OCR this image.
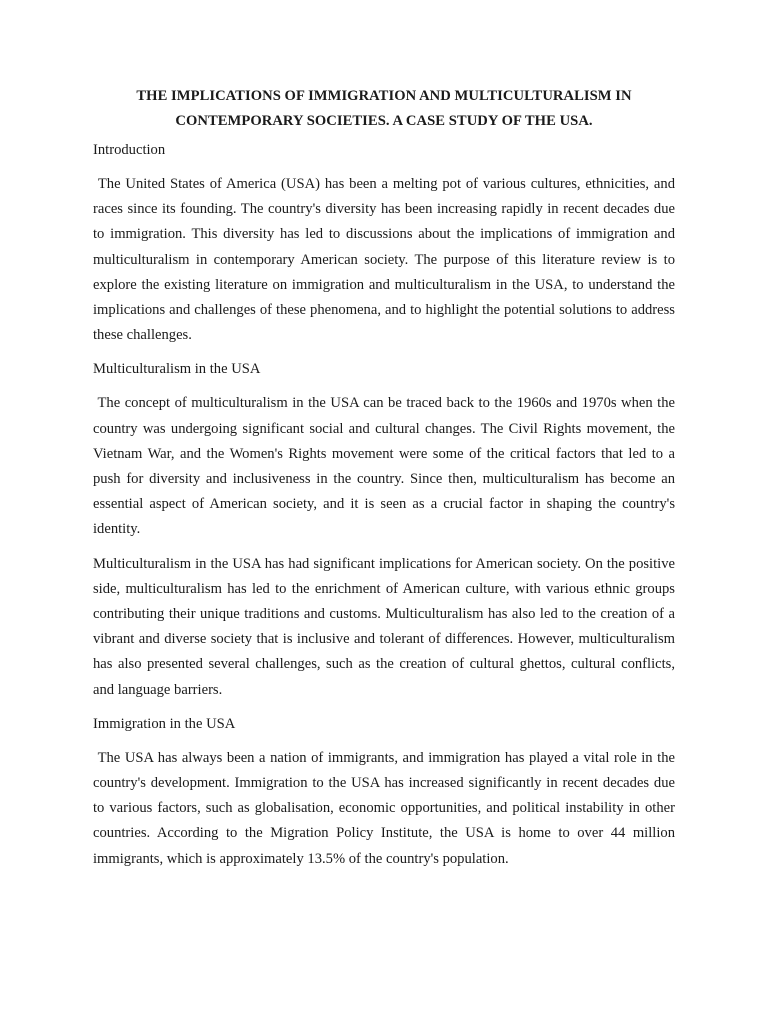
THE IMPLICATIONS OF IMMIGRATION AND MULTICULTURALISM IN
CONTEMPORARY SOCIETIES. A CASE STUDY OF THE USA.
Introduction

The United States of America (USA) has been a melting pot of various cultures, ethnicities, and races since its founding. The country's diversity has been increasing rapidly in recent decades due to immigration. This diversity has led to discussions about the implications of immigration and multiculturalism in contemporary American society. The purpose of this literature review is to explore the existing literature on immigration and multiculturalism in the USA, to understand the implications and challenges of these phenomena, and to highlight the potential solutions to address these challenges.

Multiculturalism in the USA

The concept of multiculturalism in the USA can be traced back to the 1960s and 1970s when the country was undergoing significant social and cultural changes. The Civil Rights movement, the Vietnam War, and the Women's Rights movement were some of the critical factors that led to a push for diversity and inclusiveness in the country. Since then, multiculturalism has become an essential aspect of American society, and it is seen as a crucial factor in shaping the country's identity.

Multiculturalism in the USA has had significant implications for American society. On the positive side, multiculturalism has led to the enrichment of American culture, with various ethnic groups contributing their unique traditions and customs. Multiculturalism has also led to the creation of a vibrant and diverse society that is inclusive and tolerant of differences. However, multiculturalism has also presented several challenges, such as the creation of cultural ghettos, cultural conflicts, and language barriers.

Immigration in the USA

The USA has always been a nation of immigrants, and immigration has played a vital role in the country's development. Immigration to the USA has increased significantly in recent decades due to various factors, such as globalisation, economic opportunities, and political instability in other countries. According to the Migration Policy Institute, the USA is home to over 44 million immigrants, which is approximately 13.5% of the country's population.
